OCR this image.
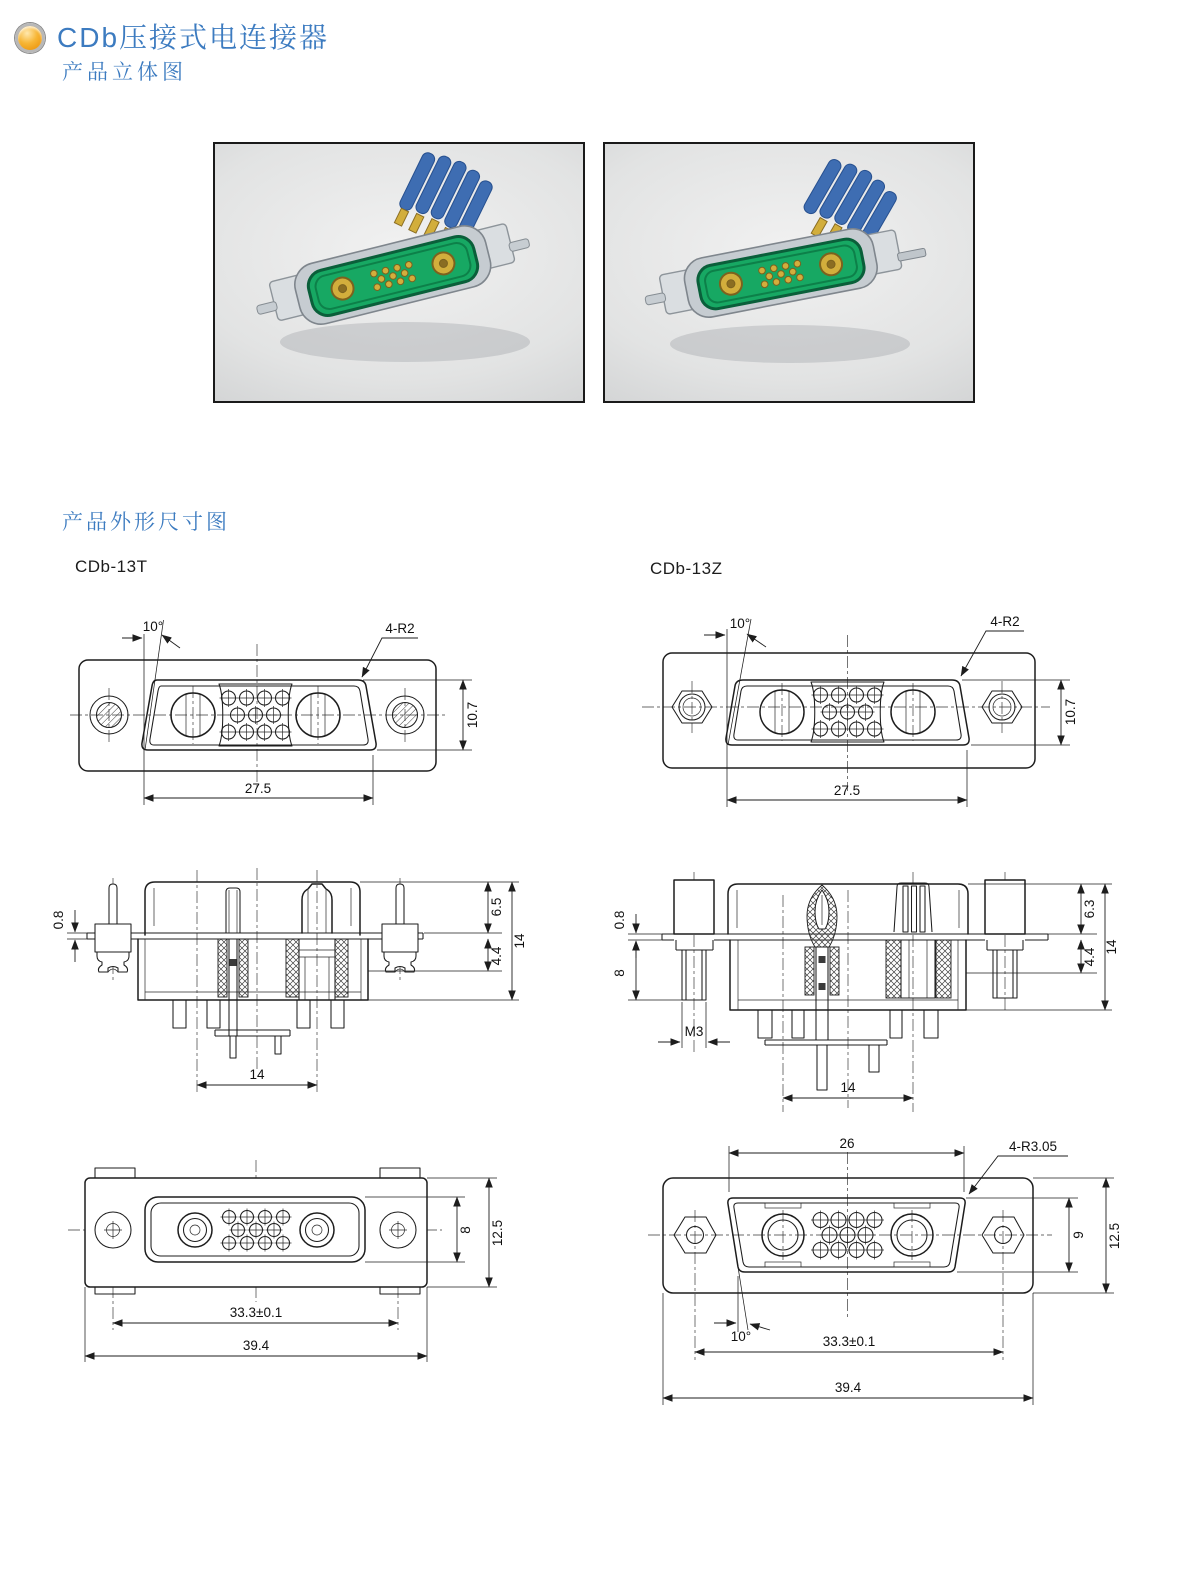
CDb压接式电连接器
产品立体图
产品外形尺寸图
CDb-13T	CDb-13Z
10°	4-R2
10.7
27.5
10°	4-R2
10.7
27.5
0.8
6.5
4.4
14
14
0.8
8
M3
6.3
4.4
14
14
8 12.5
33.3±0.1
39.4
26	4-R3.05
9 12.5
10°	33.3±0.1
39.4
